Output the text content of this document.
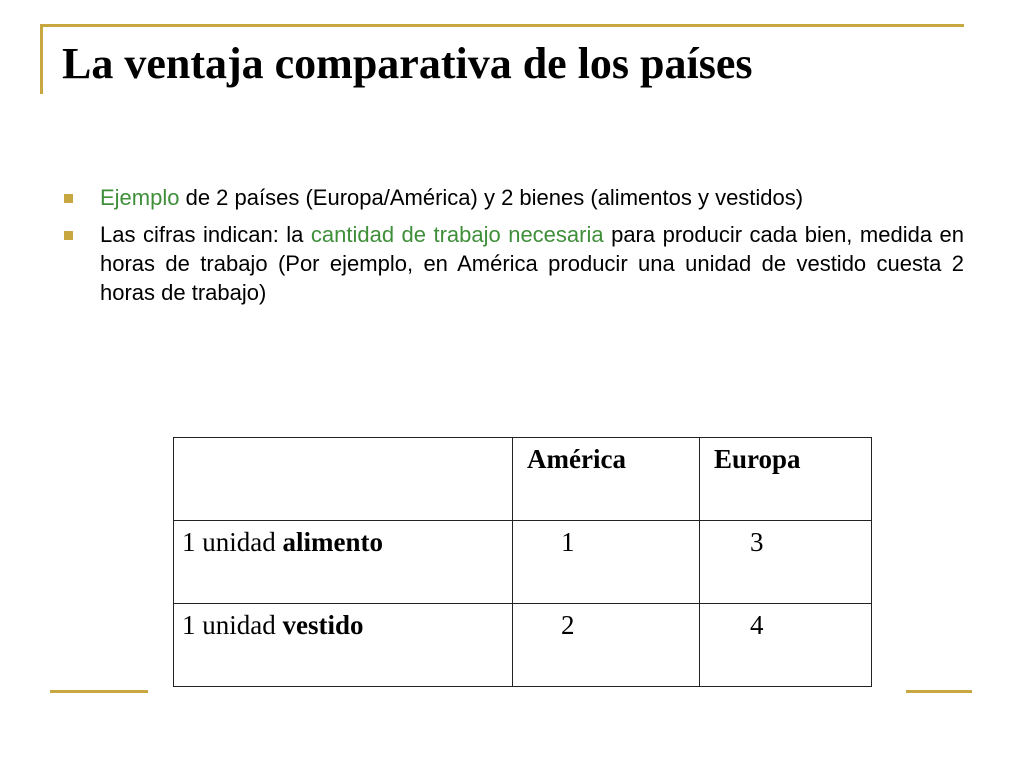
La ventaja comparativa de los países
Ejemplo de 2 países (Europa/América) y 2 bienes (alimentos y vestidos)
Las cifras indican: la cantidad de trabajo necesaria para producir cada bien, medida en horas de trabajo (Por ejemplo, en América producir una unidad de vestido cuesta 2 horas de trabajo)
	América	Europa
1 unidad alimento	1	3
1 unidad vestido	2	4
